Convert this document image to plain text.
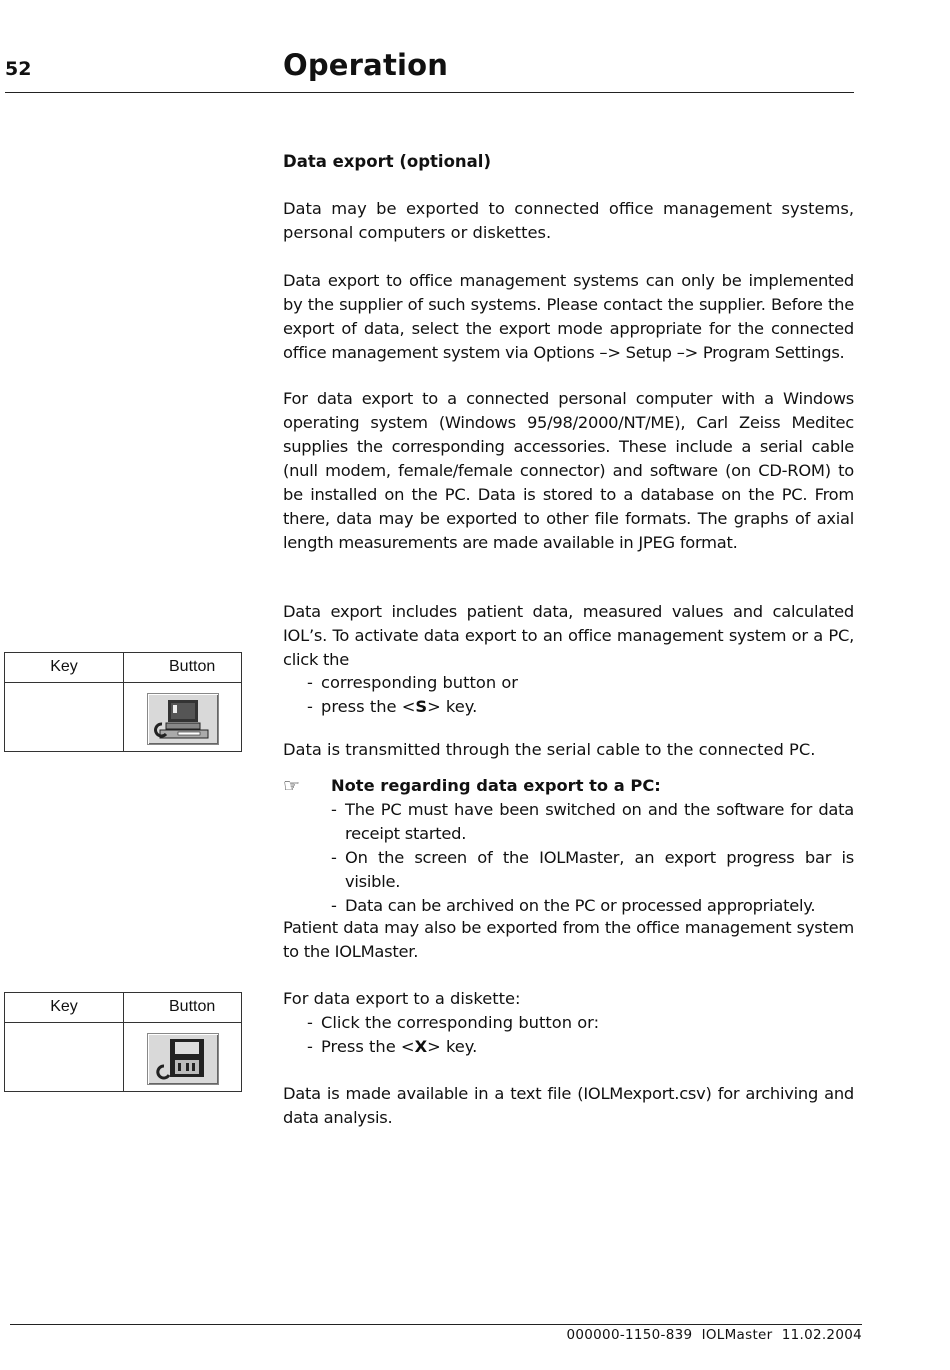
52	Operation
Data export (optional)

Data may be exported to connected office management systems, personal computers or diskettes.

Data export to office management systems can only be implemented by the supplier of such systems. Please contact the supplier. Before the export of data, select the export mode appropriate for the connected office management system via Options –> Setup –> Program Settings.

For data export to a connected personal computer with a Windows operating system (Windows 95/98/2000/NT/ME), Carl Zeiss Meditec supplies the corresponding accessories. These include a serial cable (null modem, female/female connector) and software (on CD-ROM) to be installed on the PC. Data is stored to a database on the PC. From there, data may be exported to other file formats. The graphs of axial length measurements are made available in JPEG format.

Data export includes patient data, measured values and calculated IOL’s. To activate data export to an office management system or a PC, click the

- corresponding button or

- press the <S> key.

Data is transmitted through the serial cable to the connected PC.

☞ Note regarding data export to a PC:

- The PC must have been switched on and the software for data receipt started.

- On the screen of the IOLMaster, an export progress bar is visible.

- Data can be archived on the PC or processed appropriately.

Patient data may also be exported from the office management system to the IOLMaster.

For data export to a diskette:

- Click the corresponding button or:

- Press the <X> key.

Data is made available in a text file (IOLMexport.csv) for archiving and data analysis.

Key	Button
Key	Button
000000-1150-839  IOLMaster  11.02.2004
